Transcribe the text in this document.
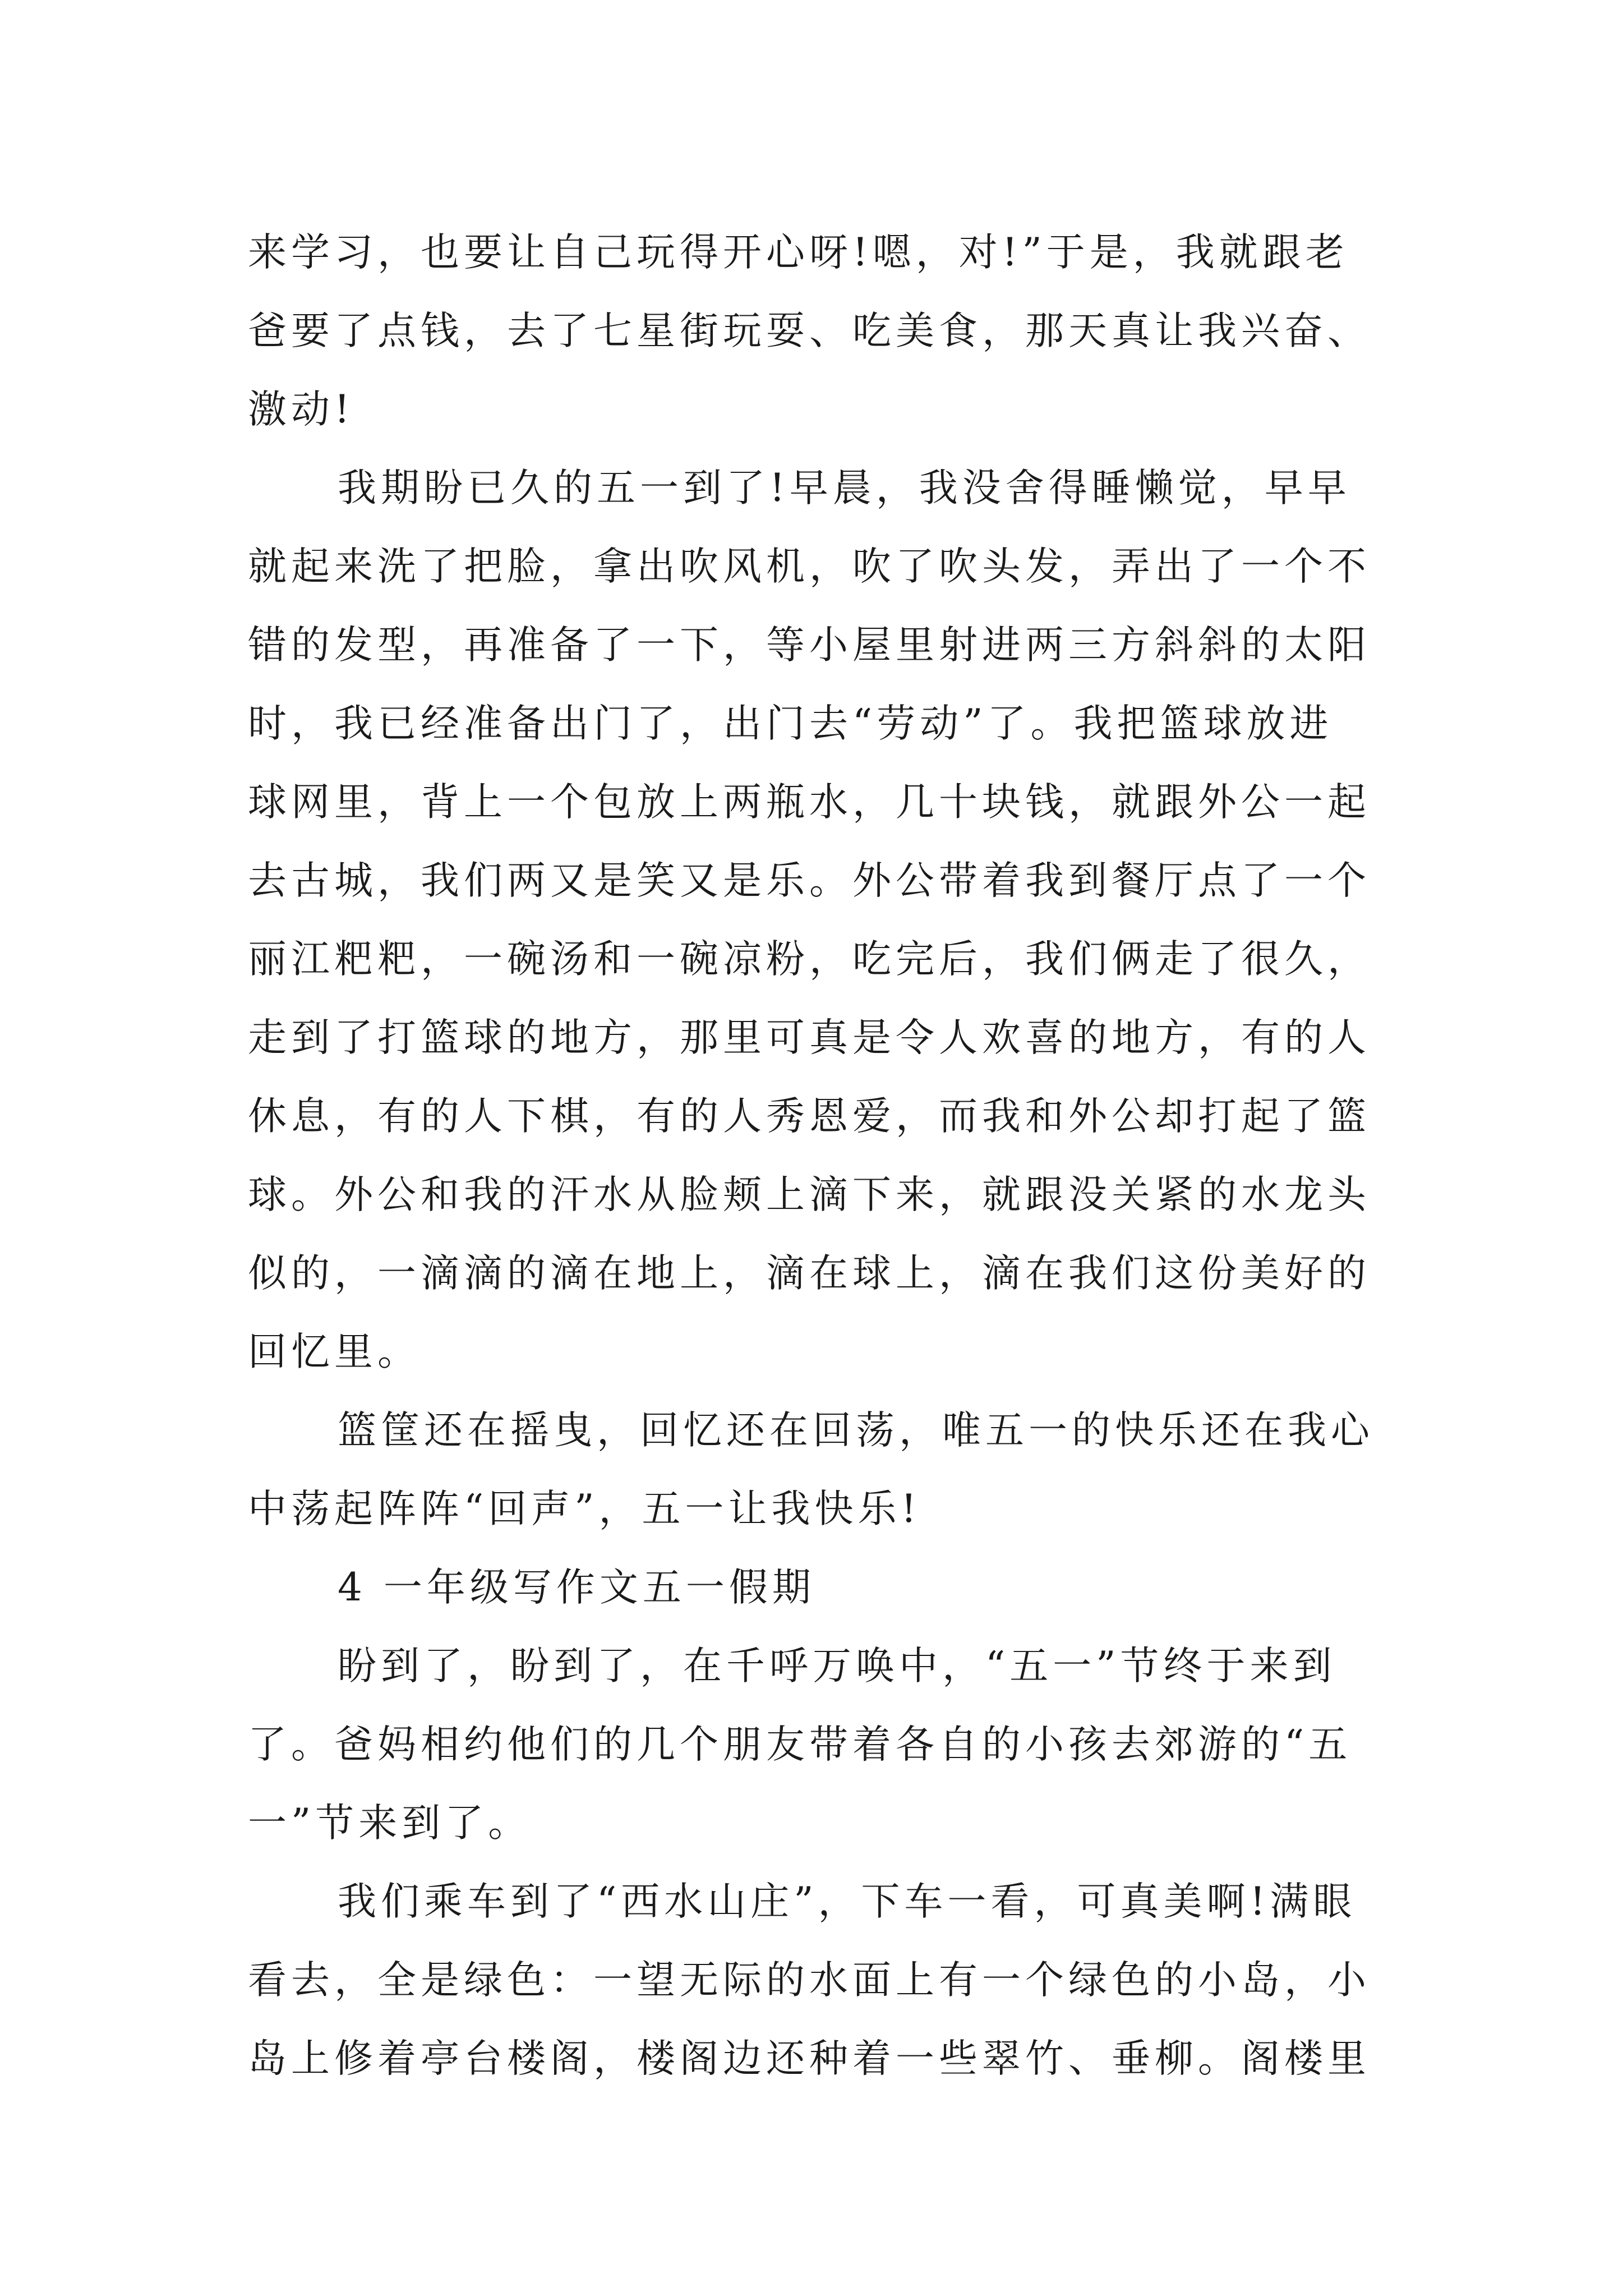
来学习，也要让自己玩得开心呀!嗯，对!”于是，我就跟老
爸要了点钱，去了七星街玩耍、吃美食，那天真让我兴奋、
激动!
我期盼已久的五一到了!早晨，我没舍得睡懒觉，早早
就起来洗了把脸，拿出吹风机，吹了吹头发，弄出了一个不
错的发型，再准备了一下，等小屋里射进两三方斜斜的太阳
时，我已经准备出门了，出门去“劳动”了。我把篮球放进
球网里，背上一个包放上两瓶水，几十块钱，就跟外公一起
去古城，我们两又是笑又是乐。外公带着我到餐厅点了一个
丽江粑粑，一碗汤和一碗凉粉，吃完后，我们俩走了很久，
走到了打篮球的地方，那里可真是令人欢喜的地方，有的人
休息，有的人下棋，有的人秀恩爱，而我和外公却打起了篮
球。外公和我的汗水从脸颊上滴下来，就跟没关紧的水龙头
似的，一滴滴的滴在地上，滴在球上，滴在我们这份美好的
回忆里。
篮筐还在摇曳，回忆还在回荡，唯五一的快乐还在我心
中荡起阵阵“回声”，五一让我快乐!
4 一年级写作文五一假期
盼到了，盼到了，在千呼万唤中，“五一”节终于来到
了。爸妈相约他们的几个朋友带着各自的小孩去郊游的“五
一”节来到了。
我们乘车到了“西水山庄”，下车一看，可真美啊!满眼
看去，全是绿色：一望无际的水面上有一个绿色的小岛，小
岛上修着亭台楼阁，楼阁边还种着一些翠竹、垂柳。阁楼里
